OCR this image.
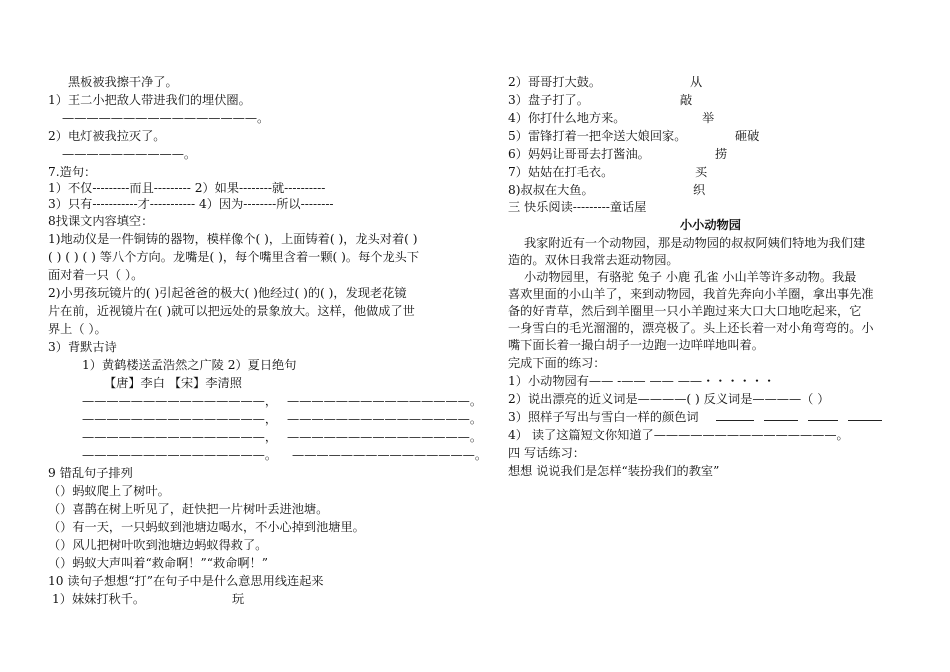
黑板被我擦干净了。
1）王二小把敌人带进我们的埋伏圈。
————————————————。
2）电灯被我拉灭了。
——————————。
7.造句：
1）不仅---------而且--------- 2）如果--------就----------
3）只有-----------才----------- 4）因为--------所以--------
8找课文内容填空：
1)地动仪是一件铜铸的器物，模样像个( )，上面铸着( )，龙头对着( )
( ) ( ) ( ) 等八个方向。龙嘴是( )，每个嘴里含着一颗( )。每个龙头下
面对着一只（ ）。
2)小男孩玩镜片的( )引起爸爸的极大( )他经过( )的( )，发现老花镜
片在前，近视镜片在( )就可以把远处的景象放大。这样，他做成了世
界上（ ）。
3）背默古诗
1）黄鹤楼送孟浩然之广陵 2）夏日绝句
【唐】李白 【宋】李清照
———————————————， ———————————————。
———————————————， ———————————————。
———————————————， ———————————————。
———————————————。 ———————————————。
9 错乱句子排列
（）蚂蚁爬上了树叶。
（）喜鹊在树上听见了，赶快把一片树叶丢进池塘。
（）有一天，一只蚂蚁到池塘边喝水，不小心掉到池塘里。
（）风儿把树叶吹到池塘边蚂蚁得救了。
（）蚂蚁大声叫着“救命啊！”“救命啊！”
10 读句子想想“打”在句子中是什么意思用线连起来
1）妹妹打秋千。	玩
2）哥哥打大鼓。	从
3）盘子打了。	敲
4）你打什么地方来。	举
5）雷锋打着一把伞送大娘回家。	砸破
6）妈妈让哥哥去打酱油。	捞
7）姑姑在打毛衣。	买
8)叔叔在大鱼。	织
三 快乐阅读---------童话屋
小小动物园
我家附近有一个动物园，那是动物园的叔叔阿姨们特地为我们建
造的。双休日我常去逛动物园。
小动物园里，有骆驼 兔子 小鹿 孔雀 小山羊等许多动物。我最
喜欢里面的小山羊了，来到动物园，我首先奔向小羊圈，拿出事先准
备的好青草，然后到羊圈里一只小羊跑过来大口大口地吃起来，它
一身雪白的毛光溜溜的，漂亮极了。头上还长着一对小角弯弯的。小
嘴下面长着一撮白胡子一边跑一边咩咩地叫着。
完成下面的练习：
1）小动物园有—— -—— —— ——・・・・・・
2）说出漂亮的近义词是————( ) 反义词是————（ ）
3）照样子写出与雪白一样的颜色词
4） 读了这篇短文你知道了———————————————。
四 写话练习：
想想 说说我们是怎样“装扮我们的教室”
